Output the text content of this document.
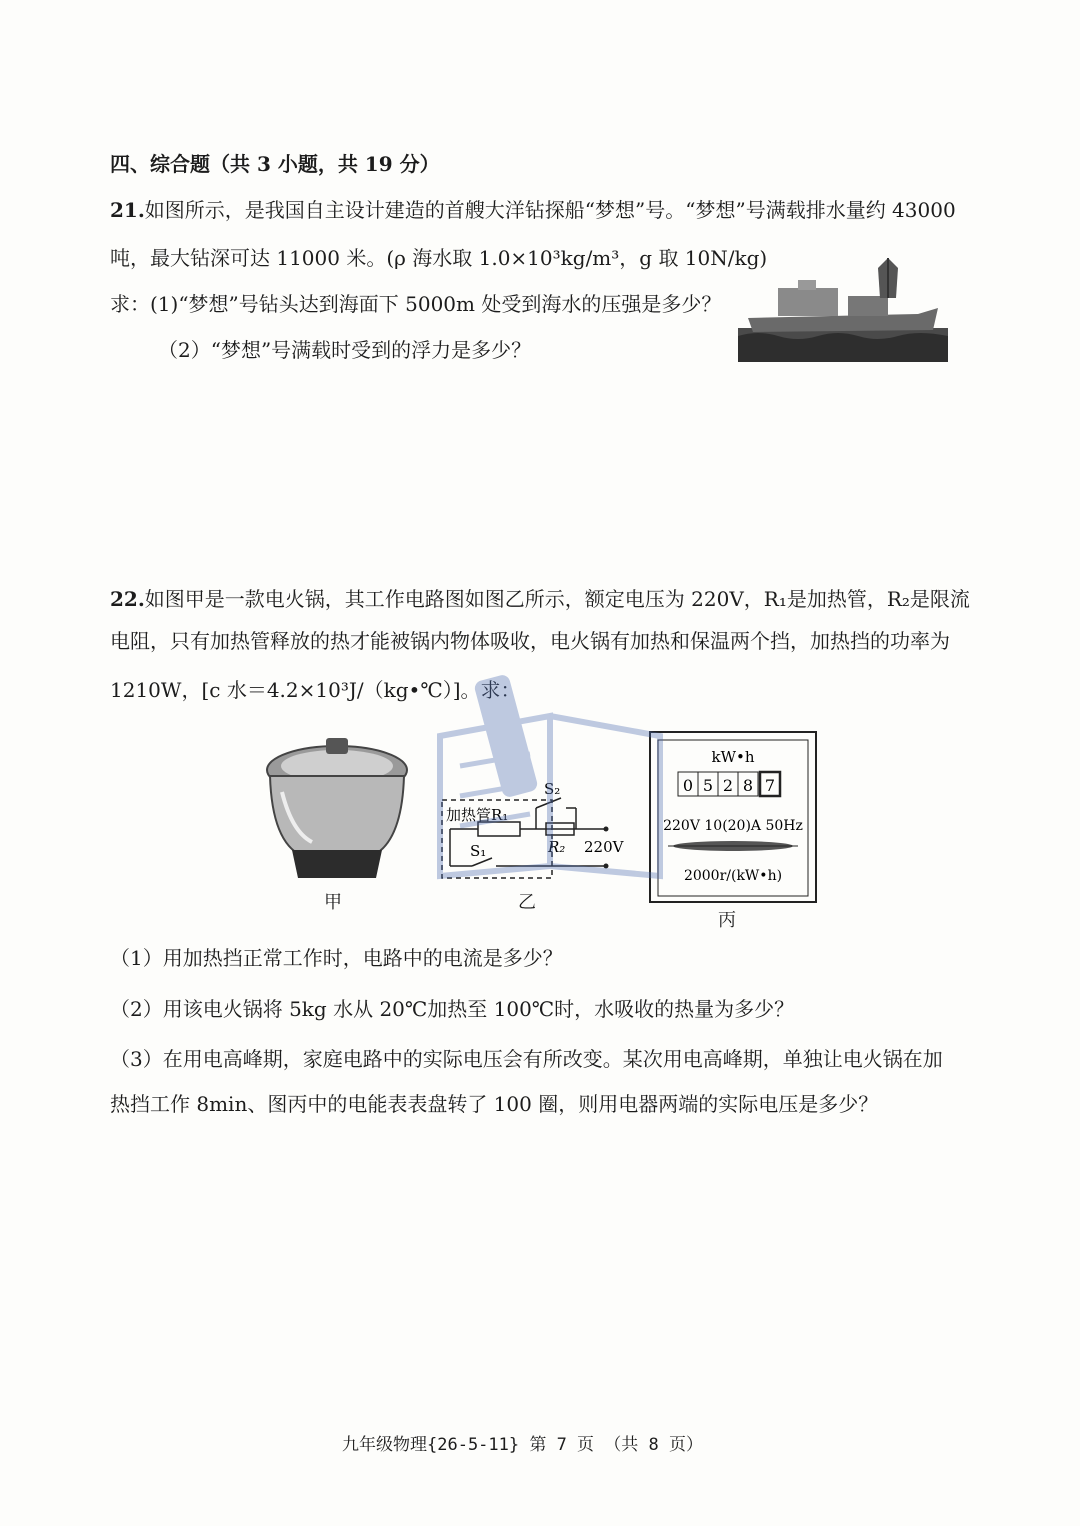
四、综合题（共 3 小题，共 19 分）
21.如图所示，是我国自主设计建造的首艘大洋钻探船“梦想”号。“梦想”号满载排水量约 43000
吨，最大钻深可达 11000 米。(ρ 海水取 1.0×10³kg/m³，g 取 10N/kg)
求：(1)“梦想”号钻头达到海面下 5000m 处受到海水的压强是多少？
（2）“梦想”号满载时受到的浮力是多少？
22.如图甲是一款电火锅，其工作电路图如图乙所示，额定电压为 220V，R₁是加热管，R₂是限流
电阻，只有加热管释放的热才能被锅内物体吸收，电火锅有加热和保温两个挡，加热挡的功率为
1210W，[c 水＝4.2×10³J/（kg•℃）]。求：
甲
加热管R₁
S₂
S₁	R₂ 220V
乙
kW•h
0 5 2 8 7
220V 10(20)A 50Hz
2000r/(kW•h)
丙
（1）用加热挡正常工作时，电路中的电流是多少？
（2）用该电火锅将 5kg 水从 20℃加热至 100℃时，水吸收的热量为多少？
（3）在用电高峰期，家庭电路中的实际电压会有所改变。某次用电高峰期，单独让电火锅在加
热挡工作 8min、图丙中的电能表表盘转了 100 圈，则用电器两端的实际电压是多少？
九年级物理{26-5-11} 第 7 页 （共 8 页）
